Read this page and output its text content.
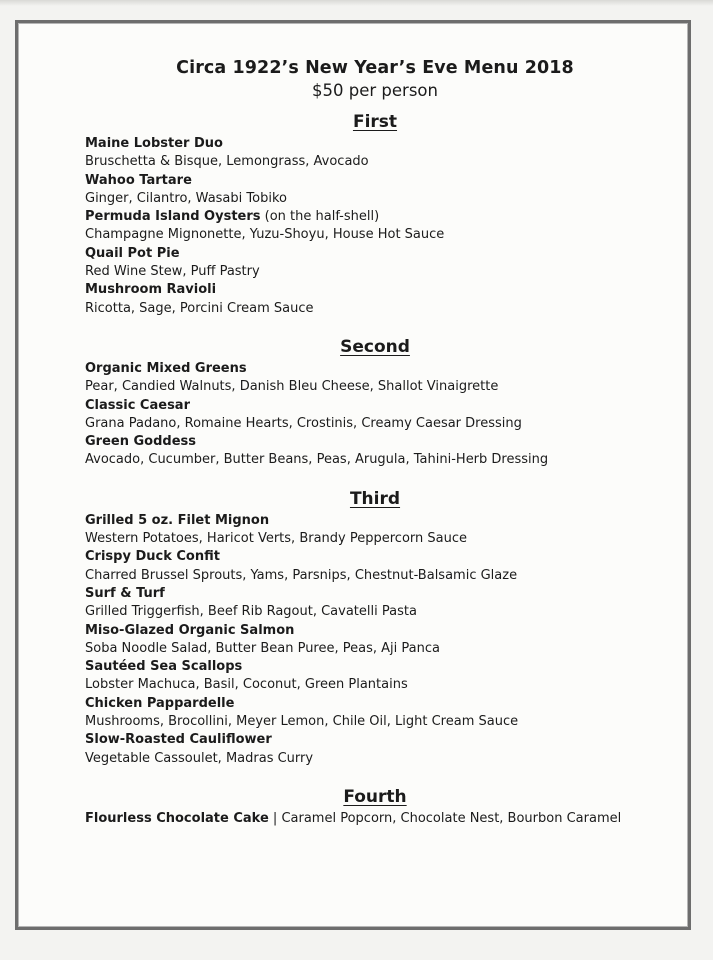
Circa 1922’s New Year’s Eve Menu 2018

$50 per person

First

Maine Lobster Duo

Bruschetta & Bisque, Lemongrass, Avocado

Wahoo Tartare

Ginger, Cilantro, Wasabi Tobiko

Permuda Island Oysters (on the half-shell)

Champagne Mignonette, Yuzu-Shoyu, House Hot Sauce

Quail Pot Pie

Red Wine Stew, Puff Pastry

Mushroom Ravioli

Ricotta, Sage, Porcini Cream Sauce

Second

Organic Mixed Greens

Pear, Candied Walnuts, Danish Bleu Cheese, Shallot Vinaigrette

Classic Caesar

Grana Padano, Romaine Hearts, Crostinis, Creamy Caesar Dressing

Green Goddess

Avocado, Cucumber, Butter Beans, Peas, Arugula, Tahini-Herb Dressing

Third

Grilled 5 oz. Filet Mignon

Western Potatoes, Haricot Verts, Brandy Peppercorn Sauce

Crispy Duck Confit

Charred Brussel Sprouts, Yams, Parsnips, Chestnut-Balsamic Glaze

Surf & Turf

Grilled Triggerfish, Beef Rib Ragout, Cavatelli Pasta

Miso-Glazed Organic Salmon

Soba Noodle Salad, Butter Bean Puree, Peas, Aji Panca

Sautéed Sea Scallops

Lobster Machuca, Basil, Coconut, Green Plantains

Chicken Pappardelle

Mushrooms, Brocollini, Meyer Lemon, Chile Oil, Light Cream Sauce

Slow-Roasted Cauliflower

Vegetable Cassoulet, Madras Curry

Fourth

Flourless Chocolate Cake | Caramel Popcorn, Chocolate Nest, Bourbon Caramel
